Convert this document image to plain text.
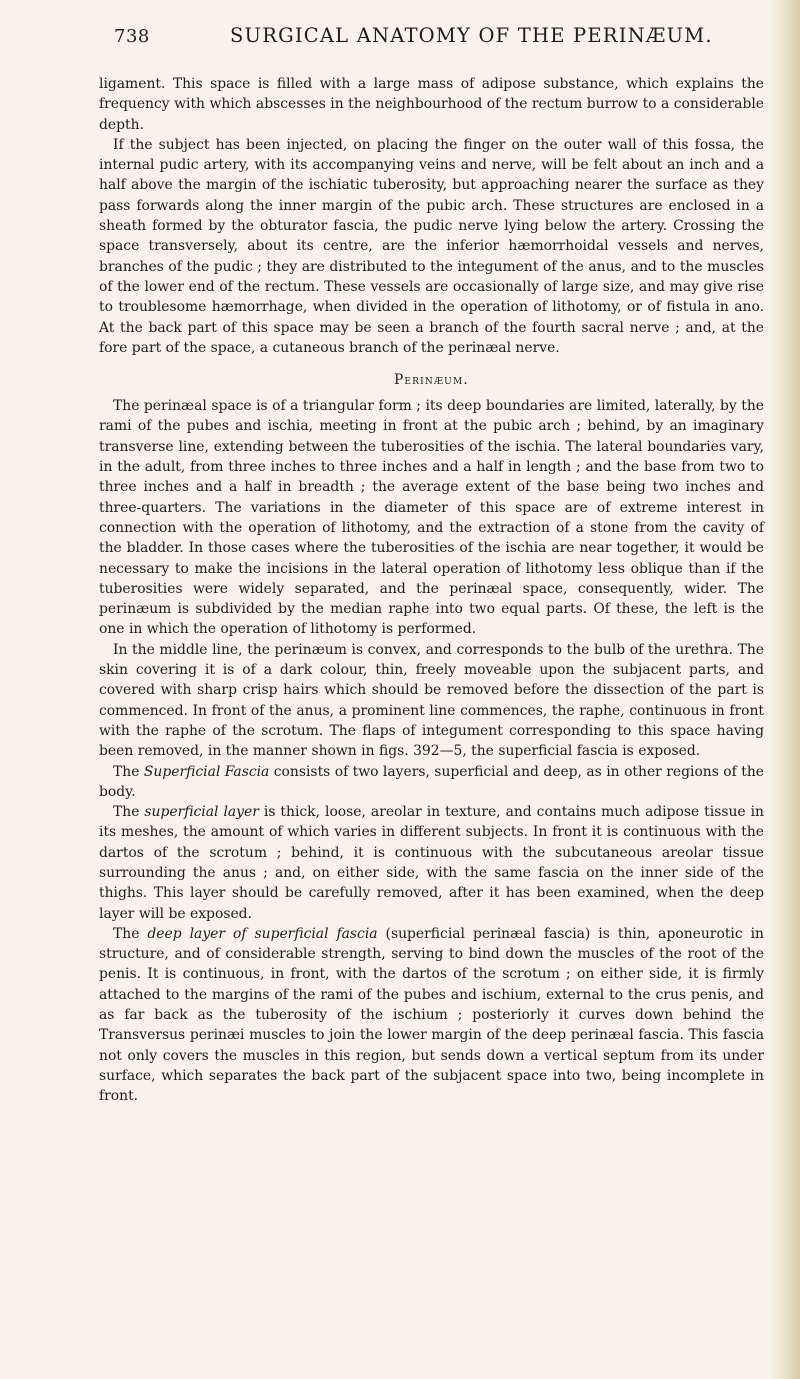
738	SURGICAL ANATOMY OF THE PERINÆUM.

ligament. This space is filled with a large mass of adipose substance, which explains the frequency with which abscesses in the neighbourhood of the rectum burrow to a considerable depth.

If the subject has been injected, on placing the finger on the outer wall of this fossa, the internal pudic artery, with its accompanying veins and nerve, will be felt about an inch and a half above the margin of the ischiatic tuberosity, but approaching nearer the surface as they pass forwards along the inner margin of the pubic arch. These structures are enclosed in a sheath formed by the obturator fascia, the pudic nerve lying below the artery. Crossing the space transversely, about its centre, are the inferior hæmorrhoidal vessels and nerves, branches of the pudic ; they are distributed to the integument of the anus, and to the muscles of the lower end of the rectum. These vessels are occasionally of large size, and may give rise to troublesome hæmorrhage, when divided in the operation of lithotomy, or of fistula in ano. At the back part of this space may be seen a branch of the fourth sacral nerve ; and, at the fore part of the space, a cutaneous branch of the perinæal nerve.

Perinæum.

The perinæal space is of a triangular form ; its deep boundaries are limited, laterally, by the rami of the pubes and ischia, meeting in front at the pubic arch ; behind, by an imaginary transverse line, extending between the tuberosities of the ischia. The lateral boundaries vary, in the adult, from three inches to three inches and a half in length ; and the base from two to three inches and a half in breadth ; the average extent of the base being two inches and three-quarters. The variations in the diameter of this space are of extreme interest in connection with the operation of lithotomy, and the extraction of a stone from the cavity of the bladder. In those cases where the tuberosities of the ischia are near together, it would be necessary to make the incisions in the lateral operation of lithotomy less oblique than if the tuberosities were widely separated, and the perinæal space, consequently, wider. The perinæum is subdivided by the median raphe into two equal parts. Of these, the left is the one in which the operation of lithotomy is performed.

In the middle line, the perinæum is convex, and corresponds to the bulb of the urethra. The skin covering it is of a dark colour, thin, freely moveable upon the subjacent parts, and covered with sharp crisp hairs which should be removed before the dissection of the part is commenced. In front of the anus, a prominent line commences, the raphe, continuous in front with the raphe of the scrotum. The flaps of integument corresponding to this space having been removed, in the manner shown in figs. 392—5, the superficial fascia is exposed.

The Superficial Fascia consists of two layers, superficial and deep, as in other regions of the body.

The superficial layer is thick, loose, areolar in texture, and contains much adipose tissue in its meshes, the amount of which varies in different subjects. In front it is continuous with the dartos of the scrotum ; behind, it is continuous with the subcutaneous areolar tissue surrounding the anus ; and, on either side, with the same fascia on the inner side of the thighs. This layer should be carefully removed, after it has been examined, when the deep layer will be exposed.

The deep layer of superficial fascia (superficial perinæal fascia) is thin, aponeurotic in structure, and of considerable strength, serving to bind down the muscles of the root of the penis. It is continuous, in front, with the dartos of the scrotum ; on either side, it is firmly attached to the margins of the rami of the pubes and ischium, external to the crus penis, and as far back as the tuberosity of the ischium ; posteriorly it curves down behind the Transversus perinæi muscles to join the lower margin of the deep perinæal fascia. This fascia not only covers the muscles in this region, but sends down a vertical septum from its under surface, which separates the back part of the subjacent space into two, being incomplete in front.
